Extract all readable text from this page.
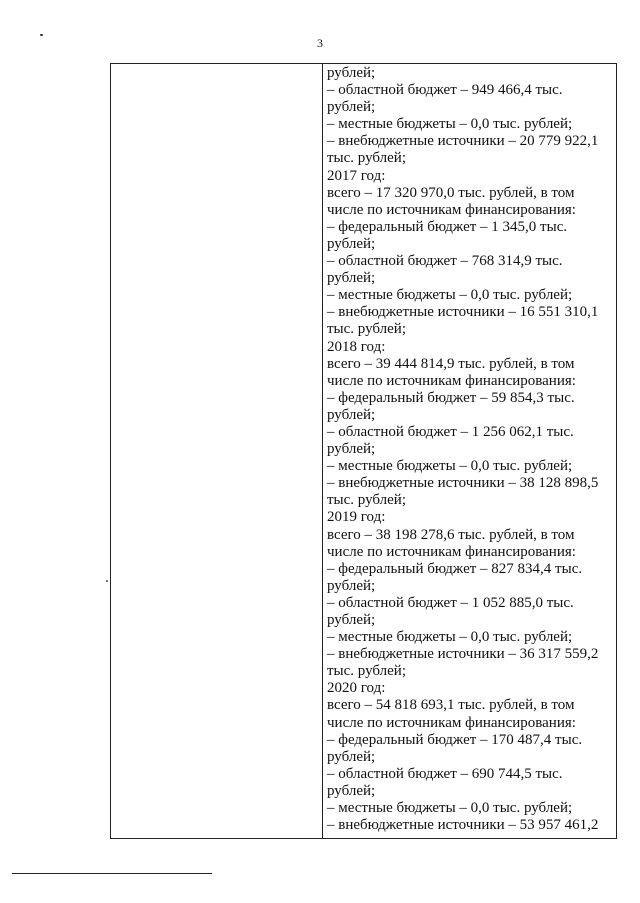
3
рублей;
– областной бюджет – 949 466,4 тыс.
рублей;
– местные бюджеты – 0,0 тыс. рублей;
– внебюджетные источники – 20 779 922,1
тыс. рублей;
2017 год:
всего – 17 320 970,0 тыс. рублей, в том
числе по источникам финансирования:
– федеральный бюджет – 1 345,0 тыс.
рублей;
– областной бюджет – 768 314,9 тыс.
рублей;
– местные бюджеты – 0,0 тыс. рублей;
– внебюджетные источники – 16 551 310,1
тыс. рублей;
2018 год:
всего – 39 444 814,9 тыс. рублей, в том
числе по источникам финансирования:
– федеральный бюджет – 59 854,3 тыс.
рублей;
– областной бюджет – 1 256 062,1 тыс.
рублей;
– местные бюджеты – 0,0 тыс. рублей;
– внебюджетные источники – 38 128 898,5
тыс. рублей;
2019 год:
всего – 38 198 278,6 тыс. рублей, в том
числе по источникам финансирования:
– федеральный бюджет – 827 834,4 тыс.
рублей;
– областной бюджет – 1 052 885,0 тыс.
рублей;
– местные бюджеты – 0,0 тыс. рублей;
– внебюджетные источники – 36 317 559,2
тыс. рублей;
2020 год:
всего – 54 818 693,1 тыс. рублей, в том
числе по источникам финансирования:
– федеральный бюджет – 170 487,4 тыс.
рублей;
– областной бюджет – 690 744,5 тыс.
рублей;
– местные бюджеты – 0,0 тыс. рублей;
– внебюджетные источники – 53 957 461,2
